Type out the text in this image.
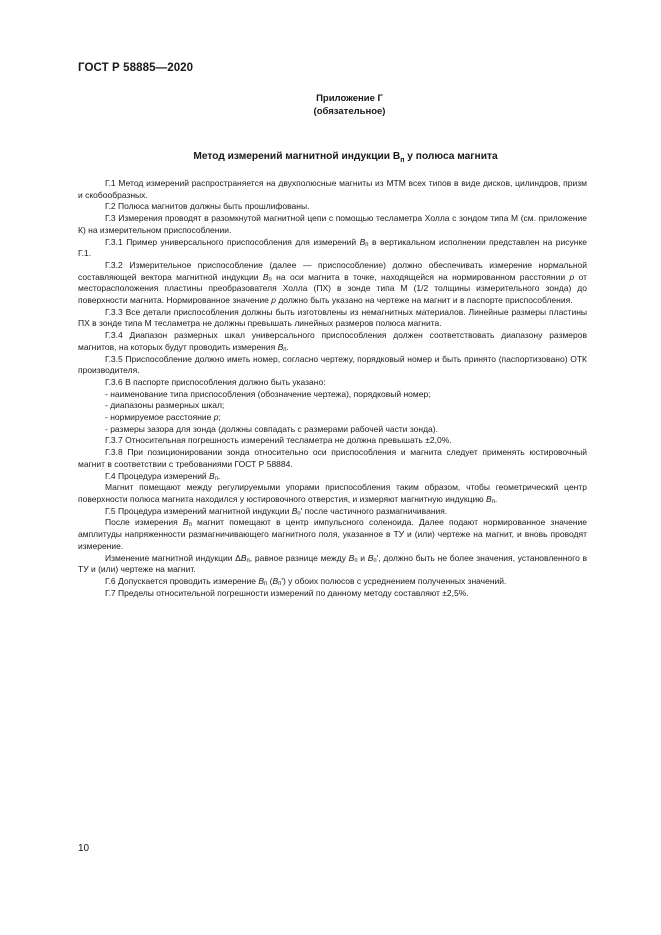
ГОСТ Р 58885—2020
Приложение Г
(обязательное)
Метод измерений магнитной индукции $B_п$ у полюса магнита

Г.1 Метод измерений распространяется на двухполюсные магниты из МТМ всех типов в виде дисков, цилиндров, призм и скобообразных.

Г.2 Полюса магнитов должны быть прошлифованы.

Г.3 Измерения проводят в разомкнутой магнитной цепи с помощью тесламетра Холла с зондом типа М (см. приложение К) на измерительном приспособлении.

Г.3.1 Пример универсального приспособления для измерений $B_п$ в вертикальном исполнении представлен на рисунке Г.1.

Г.3.2 Измерительное приспособление (далее — приспособление) должно обеспечивать измерение нормальной составляющей вектора магнитной индукции $B_п$ на оси магнита в точке, находящейся на нормированном расстоянии p от месторасположения пластины преобразователя Холла (ПХ) в зонде типа М (1/2 толщины измерительного зонда) до поверхности магнита. Нормированное значение p должно быть указано на чертеже на магнит и в паспорте приспособления.

Г.3.3 Все детали приспособления должны быть изготовлены из немагнитных материалов. Линейные размеры пластины ПХ в зонде типа М тесламетра не должны превышать линейных размеров полюса магнита.

Г.3.4 Диапазон размерных шкал универсального приспособления должен соответствовать диапазону размеров магнитов, на которых будут проводить измерения $B_п$.

Г.3.5 Приспособление должно иметь номер, согласно чертежу, порядковый номер и быть принято (паспортизовано) ОТК производителя.

Г.3.6 В паспорте приспособления должно быть указано:

- наименование типа приспособления (обозначение чертежа), порядковый номер;

- диапазоны размерных шкал;

- нормируемое расстояние p;

- размеры зазора для зонда (должны совпадать с размерами рабочей части зонда).

Г.3.7 Относительная погрешность измерений тесламетра не должна превышать ±2,0%.

Г.3.8 При позиционировании зонда относительно оси приспособления и магнита следует применять юстировочный магнит в соответствии с требованиями ГОСТ Р 58884.

Г.4 Процедура измерений $B_п$.

Магнит помещают между регулируемыми упорами приспособления таким образом, чтобы геометрический центр поверхности полюса магнита находился у юстировочного отверстия, и измеряют магнитную индукцию $B_п$.

Г.5 Процедура измерений магнитной индукции $B_п'$ после частичного размагничивания.

После измерения $B_п$ магнит помещают в центр импульсного соленоида. Далее подают нормированное значение амплитуды напряженности размагничивающего магнитного поля, указанное в ТУ и (или) чертеже на магнит, и вновь проводят измерение.

Изменение магнитной индукции $\Delta B_п$, равное разнице между $B_п$ и $B_п'$, должно быть не более значения, установленного в ТУ и (или) чертеже на магнит.

Г.6 Допускается проводить измерение $B_п$ $(B_п')$ у обоих полюсов с усреднением полученных значений.

Г.7 Пределы относительной погрешности измерений по данному методу составляют ±2,5%.

10
